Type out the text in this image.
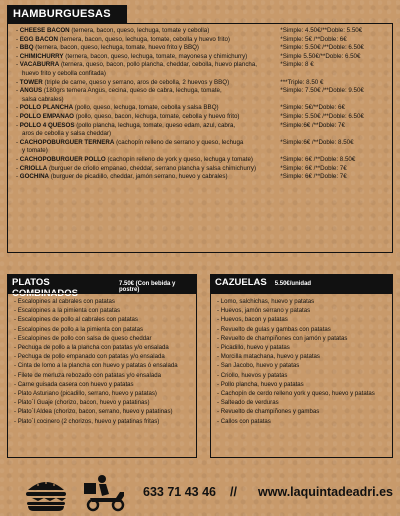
HAMBURGUESAS
- CHEESE BACON (ternera, bacon, queso, lechuga, tomate y cebolla)	*Simple: 4.50€/**Doble: 5.50€
- EGG BACON (ternera, bacon, queso, lechuga, tomate, cebolla y huevo frito)	*Simple: 5€ /**Doble: 6€
- BBQ (ternera, bacon, queso, lechuga, tomate, huevo frito y BBQ)	*Simple: 5.50€ /**Doble: 6.50€
- CHIMICHURRY (ternera, bacon, queso, lechuga, tomate, mayonesa y chimichurry)	*Simple 5.50€/**Doble: 6.50€
- VACABURRA (ternera, queso, bacon, pollo plancha, cheddar, cebolla, huevo plancha,
huevo frito y cebolla confitada)
*Simple: 8 €
- TOWER (triple de carne, queso y serrano, aros de cebolla, 2 huevos y BBQ)	***Triple: 8.50 €
- ANGUS (180grs ternera Angus, cecina, queso de cabra, lechuga, tomate,
salsa cabrales)
*Simple: 7.50€ /**Doble: 9.50€
- POLLO PLANCHA (pollo, queso, lechuga, tomate, cebolla y salsa BBQ)	*Simple: 5€/**Doble: 6€
- POLLO EMPANAO (pollo, queso, bacon, lechuga, tomate, cebolla y huevo frito)	*Simple: 5.50€ /**Doble: 6.50€
- POLLO 4 QUESOS (pollo plancha, lechuga, tomate, queso edam, azul, cabra,
aros de cebolla y salsa cheddar)
*Simple:6€ /**Doble: 7€
- CACHOPOBURGUER TERNERA (cachopín relleno de serrano y queso, lechuga
y tomate)
*Simple:6€ /**Doble: 8.50€
- CACHOPOBURGUER POLLO (cachopín relleno de york y queso, lechuga y tomate)	*Simple: 6€ /**Doble: 8.50€
- CRIOLLA (burguer de criollo empanao, cheddar, serrano plancha y salsa chimichurry)	*Simple: 6€ /**Doble: 7€
- GOCHINA (burguer de picadillo, cheddar, jamón serrano, huevo y cabrales)	*Simple: 6€ /**Doble: 7€
PLATOS COMBINADOS
7.50€ (Con bebida y postre)
- Escalopines al cabrales con patatas
- Escalopines a la pimienta con patatas
- Escalopines de pollo al cabrales con patatas
- Escalopines de pollo a la pimienta con patatas
- Escalopines de pollo con salsa de queso cheddar
- Pechuga de pollo a la plancha con patatas y/o ensalada
- Pechuga de pollo empanado con patatas y/o ensalada
- Cinta de lomo a la plancha con huevo y patatas ó ensalada
- Filete de merluza rebozado con patatas y/o ensalada
- Carne guisada casera con huevo y patatas
- Plato Asturiano (picadillo, serrano, huevo y patatas)
- Plato´l Guaje (chorizo, bacon, huevo y patatinas)
- Plato´l Aldea (chorizo, bacon, serrano, huevo y patatinas)
- Plato´l cocinero (2 chorizos, huevo y patatinas fritas)
CAZUELAS 5.50€/unidad
- Lomo, salchichas, huevo y patatas
- Huevos, jamón serrano y patatas
- Huevos, bacon y patatas
- Revuelto de gulas y gambas con patatas
- Revuelto de champiñones con jamón y patatas
- Picadillo, huevo y patatas
- Morcilla matachana, huevo y patatas
- San Jacobo, huevo y patatas
- Criollo, huevos y patatas
- Pollo plancha, huevo y patatas
- Cachopín de cerdo relleno york y queso, huevo y patatas
- Salteado de verduras
- Revuelto de champiñones y gambas
- Callos con patatas
633 71 43 46 // www.laquintadeadri.es
